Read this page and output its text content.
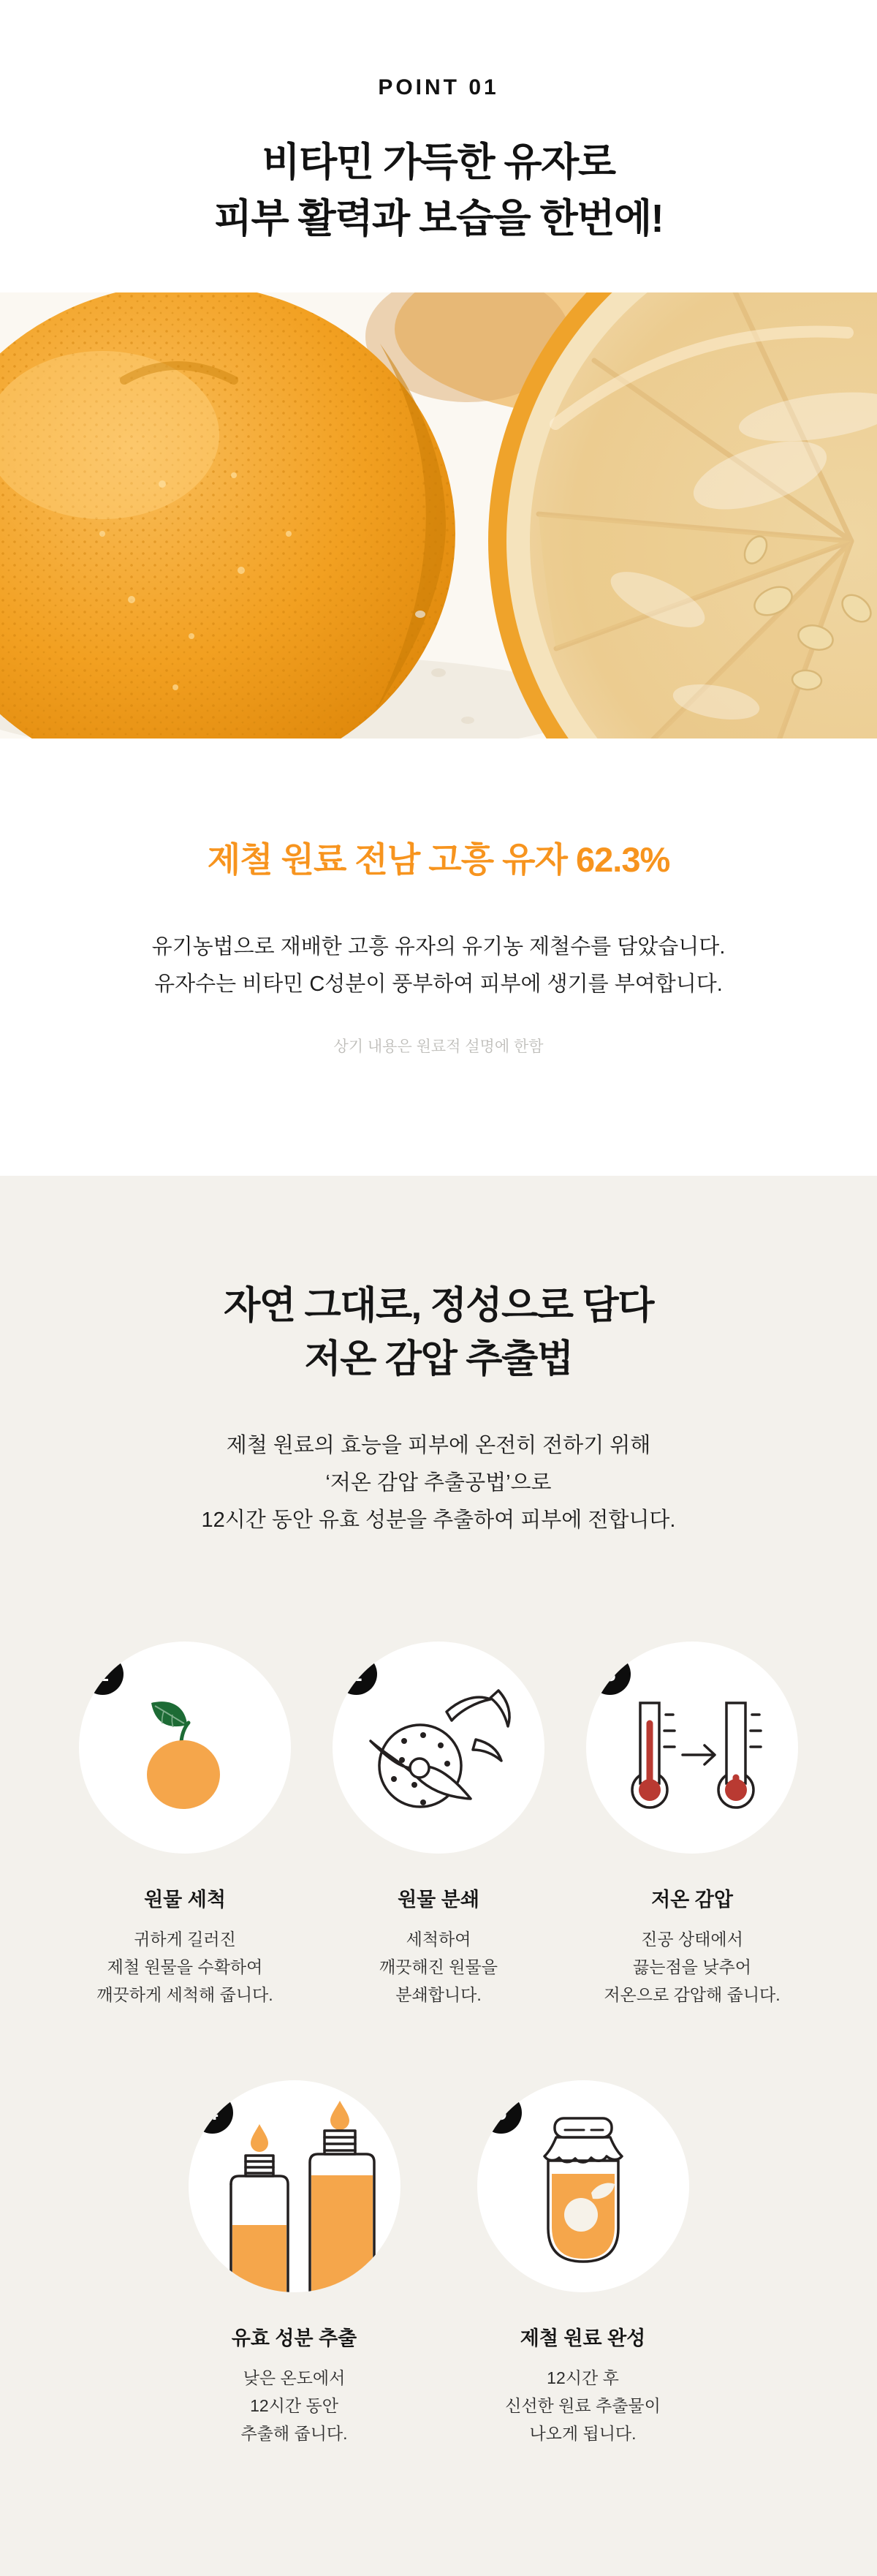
POINT 01
비타민 가득한 유자로
피부 활력과 보습을 한번에!
제철 원료 전남 고흥 유자 62.3%
유기농법으로 재배한 고흥 유자의 유기농 제철수를 담았습니다.
유자수는 비타민 C성분이 풍부하여 피부에 생기를 부여합니다.
상기 내용은 원료적 설명에 한함
자연 그대로, 정성으로 담다
저온 감압 추출법
제철 원료의 효능을 피부에 온전히 전하기 위해
‘저온 감압 추출공법’으로
12시간 동안 유효 성분을 추출하여 피부에 전합니다.
1
원물 세척
귀하게 길러진
제철 원물을 수확하여
깨끗하게 세척해 줍니다.
2
원물 분쇄
세척하여
깨끗해진 원물을
분쇄합니다.
3
저온 감압
진공 상태에서
끓는점을 낮추어
저온으로 감압해 줍니다.
4
유효 성분 추출
낮은 온도에서
12시간 동안
추출해 줍니다.
5
제철 원료 완성
12시간 후
신선한 원료 추출물이
나오게 됩니다.
